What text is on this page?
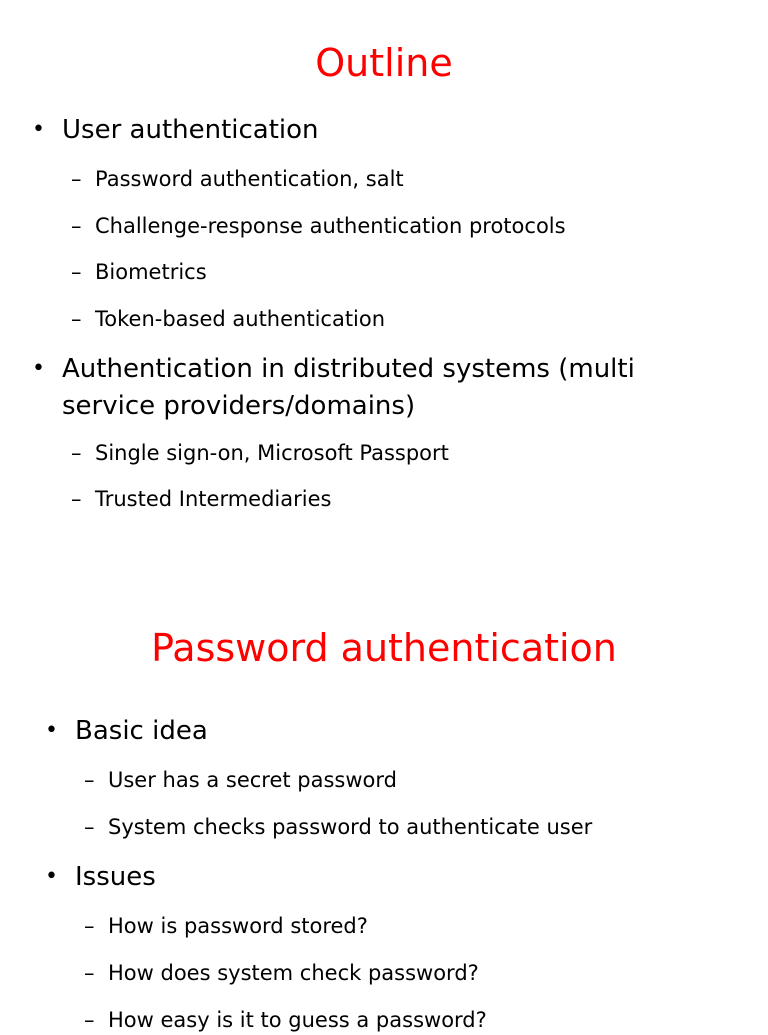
Outline
• User authentication
– Password authentication, salt
– Challenge-response authentication protocols
– Biometrics
– Token-based authentication
• Authentication in distributed systems (multi
service providers/domains)
– Single sign-on, Microsoft Passport
– Trusted Intermediaries
Password authentication
• Basic idea
– User has a secret password
– System checks password to authenticate user
• Issues
– How is password stored?
– How does system check password?
– How easy is it to guess a password?
